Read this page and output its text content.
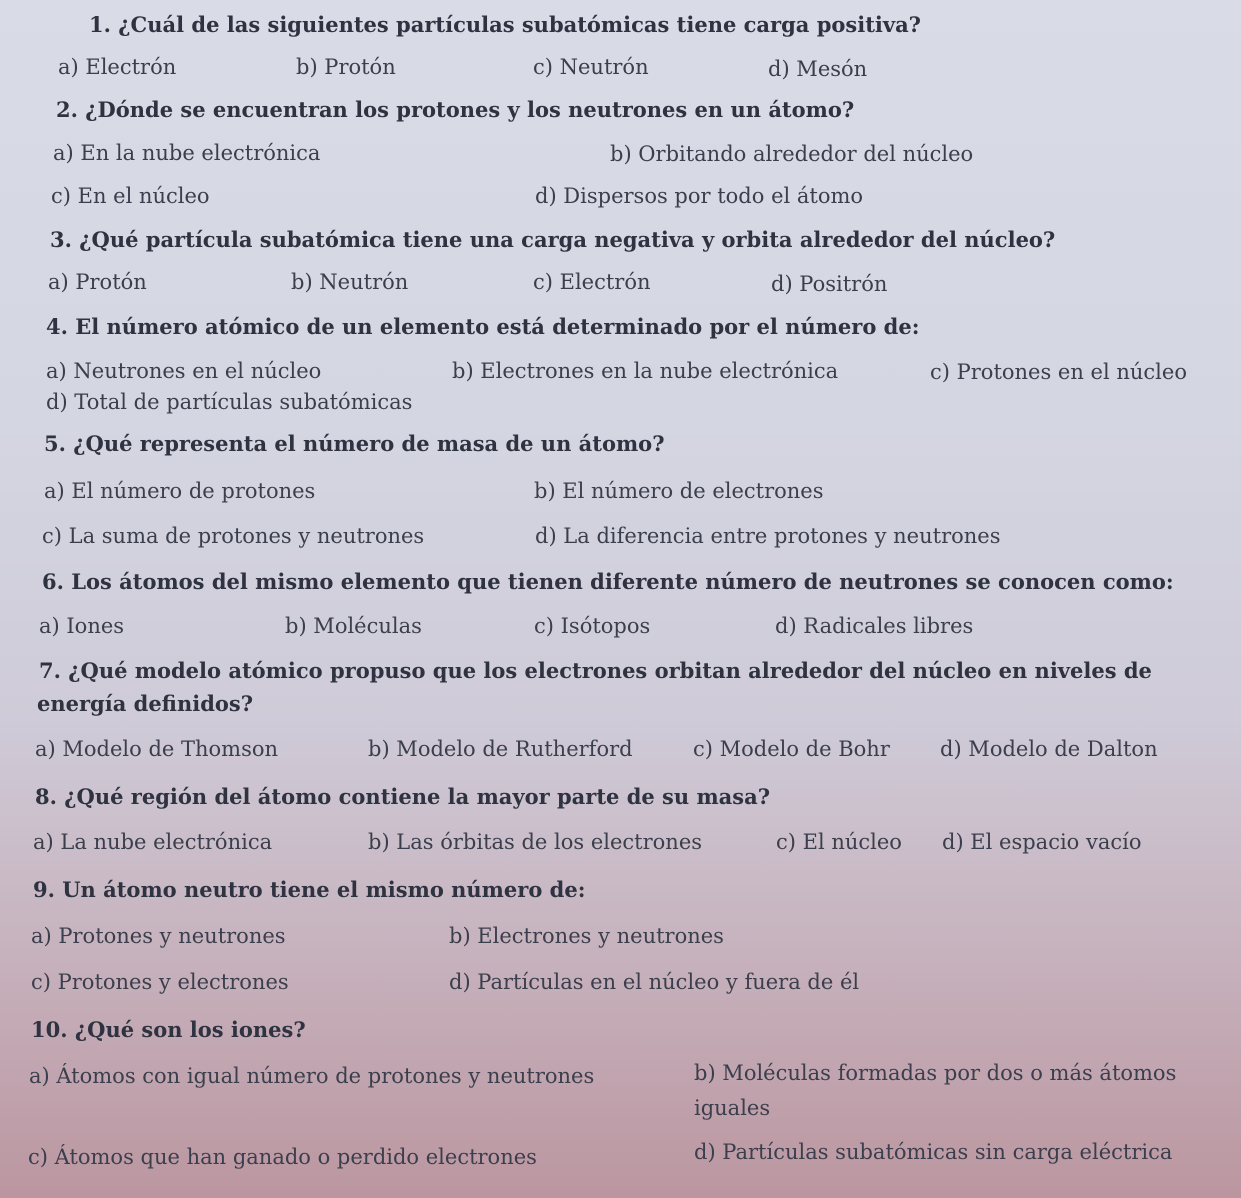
1. ¿Cuál de las siguientes partículas subatómicas tiene carga positiva?
a) Electrón	b) Protón	c) Neutrón	d) Mesón
2. ¿Dónde se encuentran los protones y los neutrones en un átomo?
a) En la nube electrónica	b) Orbitando alrededor del núcleo
c) En el núcleo	d) Dispersos por todo el átomo
3. ¿Qué partícula subatómica tiene una carga negativa y orbita alrededor del núcleo?
a) Protón	b) Neutrón	c) Electrón	d) Positrón
4. El número atómico de un elemento está determinado por el número de:
a) Neutrones en el núcleo	b) Electrones en la nube electrónica	c) Protones en el núcleo
d) Total de partículas subatómicas
5. ¿Qué representa el número de masa de un átomo?
a) El número de protones	b) El número de electrones
c) La suma de protones y neutrones	d) La diferencia entre protones y neutrones
6. Los átomos del mismo elemento que tienen diferente número de neutrones se conocen como:
a) Iones	b) Moléculas	c) Isótopos	d) Radicales libres
7. ¿Qué modelo atómico propuso que los electrones orbitan alrededor del núcleo en niveles de
energía definidos?
a) Modelo de Thomson	b) Modelo de Rutherford	c) Modelo de Bohr d) Modelo de Dalton
8. ¿Qué región del átomo contiene la mayor parte de su masa?
a) La nube electrónica	b) Las órbitas de los electrones	c) El núcleo d) El espacio vacío
9. Un átomo neutro tiene el mismo número de:
a) Protones y neutrones	b) Electrones y neutrones
c) Protones y electrones	d) Partículas en el núcleo y fuera de él
10. ¿Qué son los iones?
a) Átomos con igual número de protones y neutrones	b) Moléculas formadas por dos o más átomos
iguales
c) Átomos que han ganado o perdido electrones	d) Partículas subatómicas sin carga eléctrica
